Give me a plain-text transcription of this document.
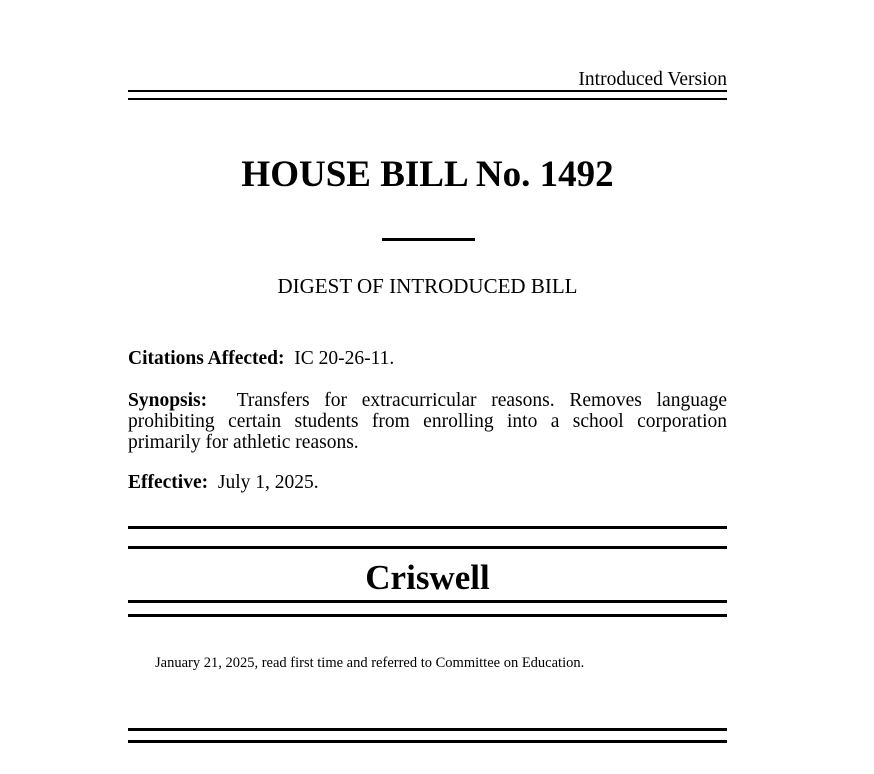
Introduced Version
HOUSE BILL No. 1492
DIGEST OF INTRODUCED BILL
Citations Affected: IC 20-26-11.
Synopsis: Transfers for extracurricular reasons. Removes language prohibiting certain students from enrolling into a school corporation primarily for athletic reasons.
Effective: July 1, 2025.
Criswell
January 21, 2025, read first time and referred to Committee on Education.
